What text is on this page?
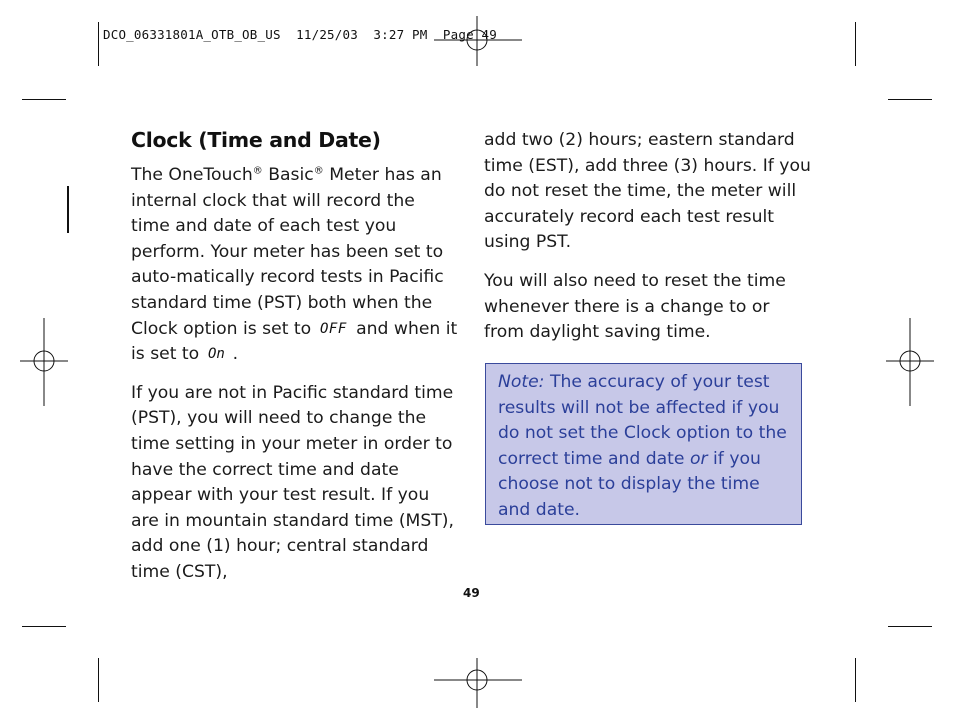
DCO_06331801A_OTB_OB_US  11/25/03  3:27 PM  Page 49
Clock (Time and Date)

The OneTouch® Basic® Meter has an internal clock that will record the time and date of each test you perform. Your meter has been set to auto-matically record tests in Pacific standard time (PST) both when the Clock option is set to OFF and when it is set to On .

If you are not in Pacific standard time (PST), you will need to change the time setting in your meter in order to have the correct time and date appear with your test result. If you are in mountain standard time (MST), add one (1) hour; central standard time (CST),

add two (2) hours; eastern standard time (EST), add three (3) hours. If you do not reset the time, the meter will accurately record each test result using PST.

You will also need to reset the time whenever there is a change to or from daylight saving time.

Note: The accuracy of your test results will not be affected if you do not set the Clock option to the correct time and date or if you choose not to display the time and date.
49
